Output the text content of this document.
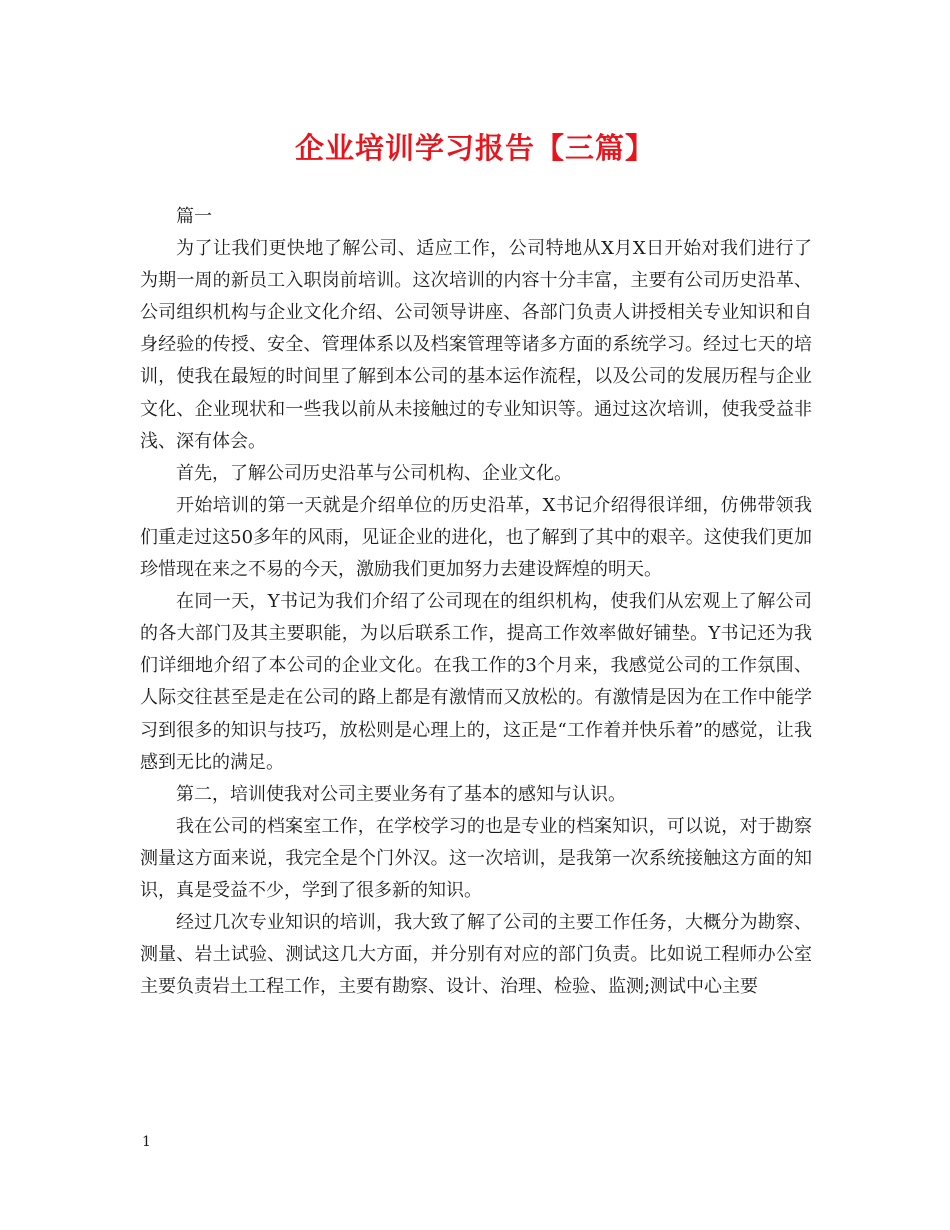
企业培训学习报告【三篇】

篇一

为了让我们更快地了解公司、适应工作，公司特地从X月X日开始对我们进行了为期一周的新员工入职岗前培训。这次培训的内容十分丰富，主要有公司历史沿革、公司组织机构与企业文化介绍、公司领导讲座、各部门负责人讲授相关专业知识和自身经验的传授、安全、管理体系以及档案管理等诸多方面的系统学习。经过七天的培训，使我在最短的时间里了解到本公司的基本运作流程，以及公司的发展历程与企业文化、企业现状和一些我以前从未接触过的专业知识等。通过这次培训，使我受益非浅、深有体会。

首先，了解公司历史沿革与公司机构、企业文化。

开始培训的第一天就是介绍单位的历史沿革，X书记介绍得很详细，仿佛带领我们重走过这50多年的风雨，见证企业的进化，也了解到了其中的艰辛。这使我们更加珍惜现在来之不易的今天，激励我们更加努力去建设辉煌的明天。

在同一天，Y书记为我们介绍了公司现在的组织机构，使我们从宏观上了解公司的各大部门及其主要职能，为以后联系工作，提高工作效率做好铺垫。Y书记还为我们详细地介绍了本公司的企业文化。在我工作的3个月来，我感觉公司的工作氛围、人际交往甚至是走在公司的路上都是有激情而又放松的。有激情是因为在工作中能学习到很多的知识与技巧，放松则是心理上的，这正是“工作着并快乐着”的感觉，让我感到无比的满足。

第二，培训使我对公司主要业务有了基本的感知与认识。

我在公司的档案室工作，在学校学习的也是专业的档案知识，可以说，对于勘察测量这方面来说，我完全是个门外汉。这一次培训，是我第一次系统接触这方面的知识，真是受益不少，学到了很多新的知识。

经过几次专业知识的培训，我大致了解了公司的主要工作任务，大概分为勘察、测量、岩土试验、测试这几大方面，并分别有对应的部门负责。比如说工程师办公室主要负责岩土工程工作，主要有勘察、设计、治理、检验、监测;测试中心主要

1
